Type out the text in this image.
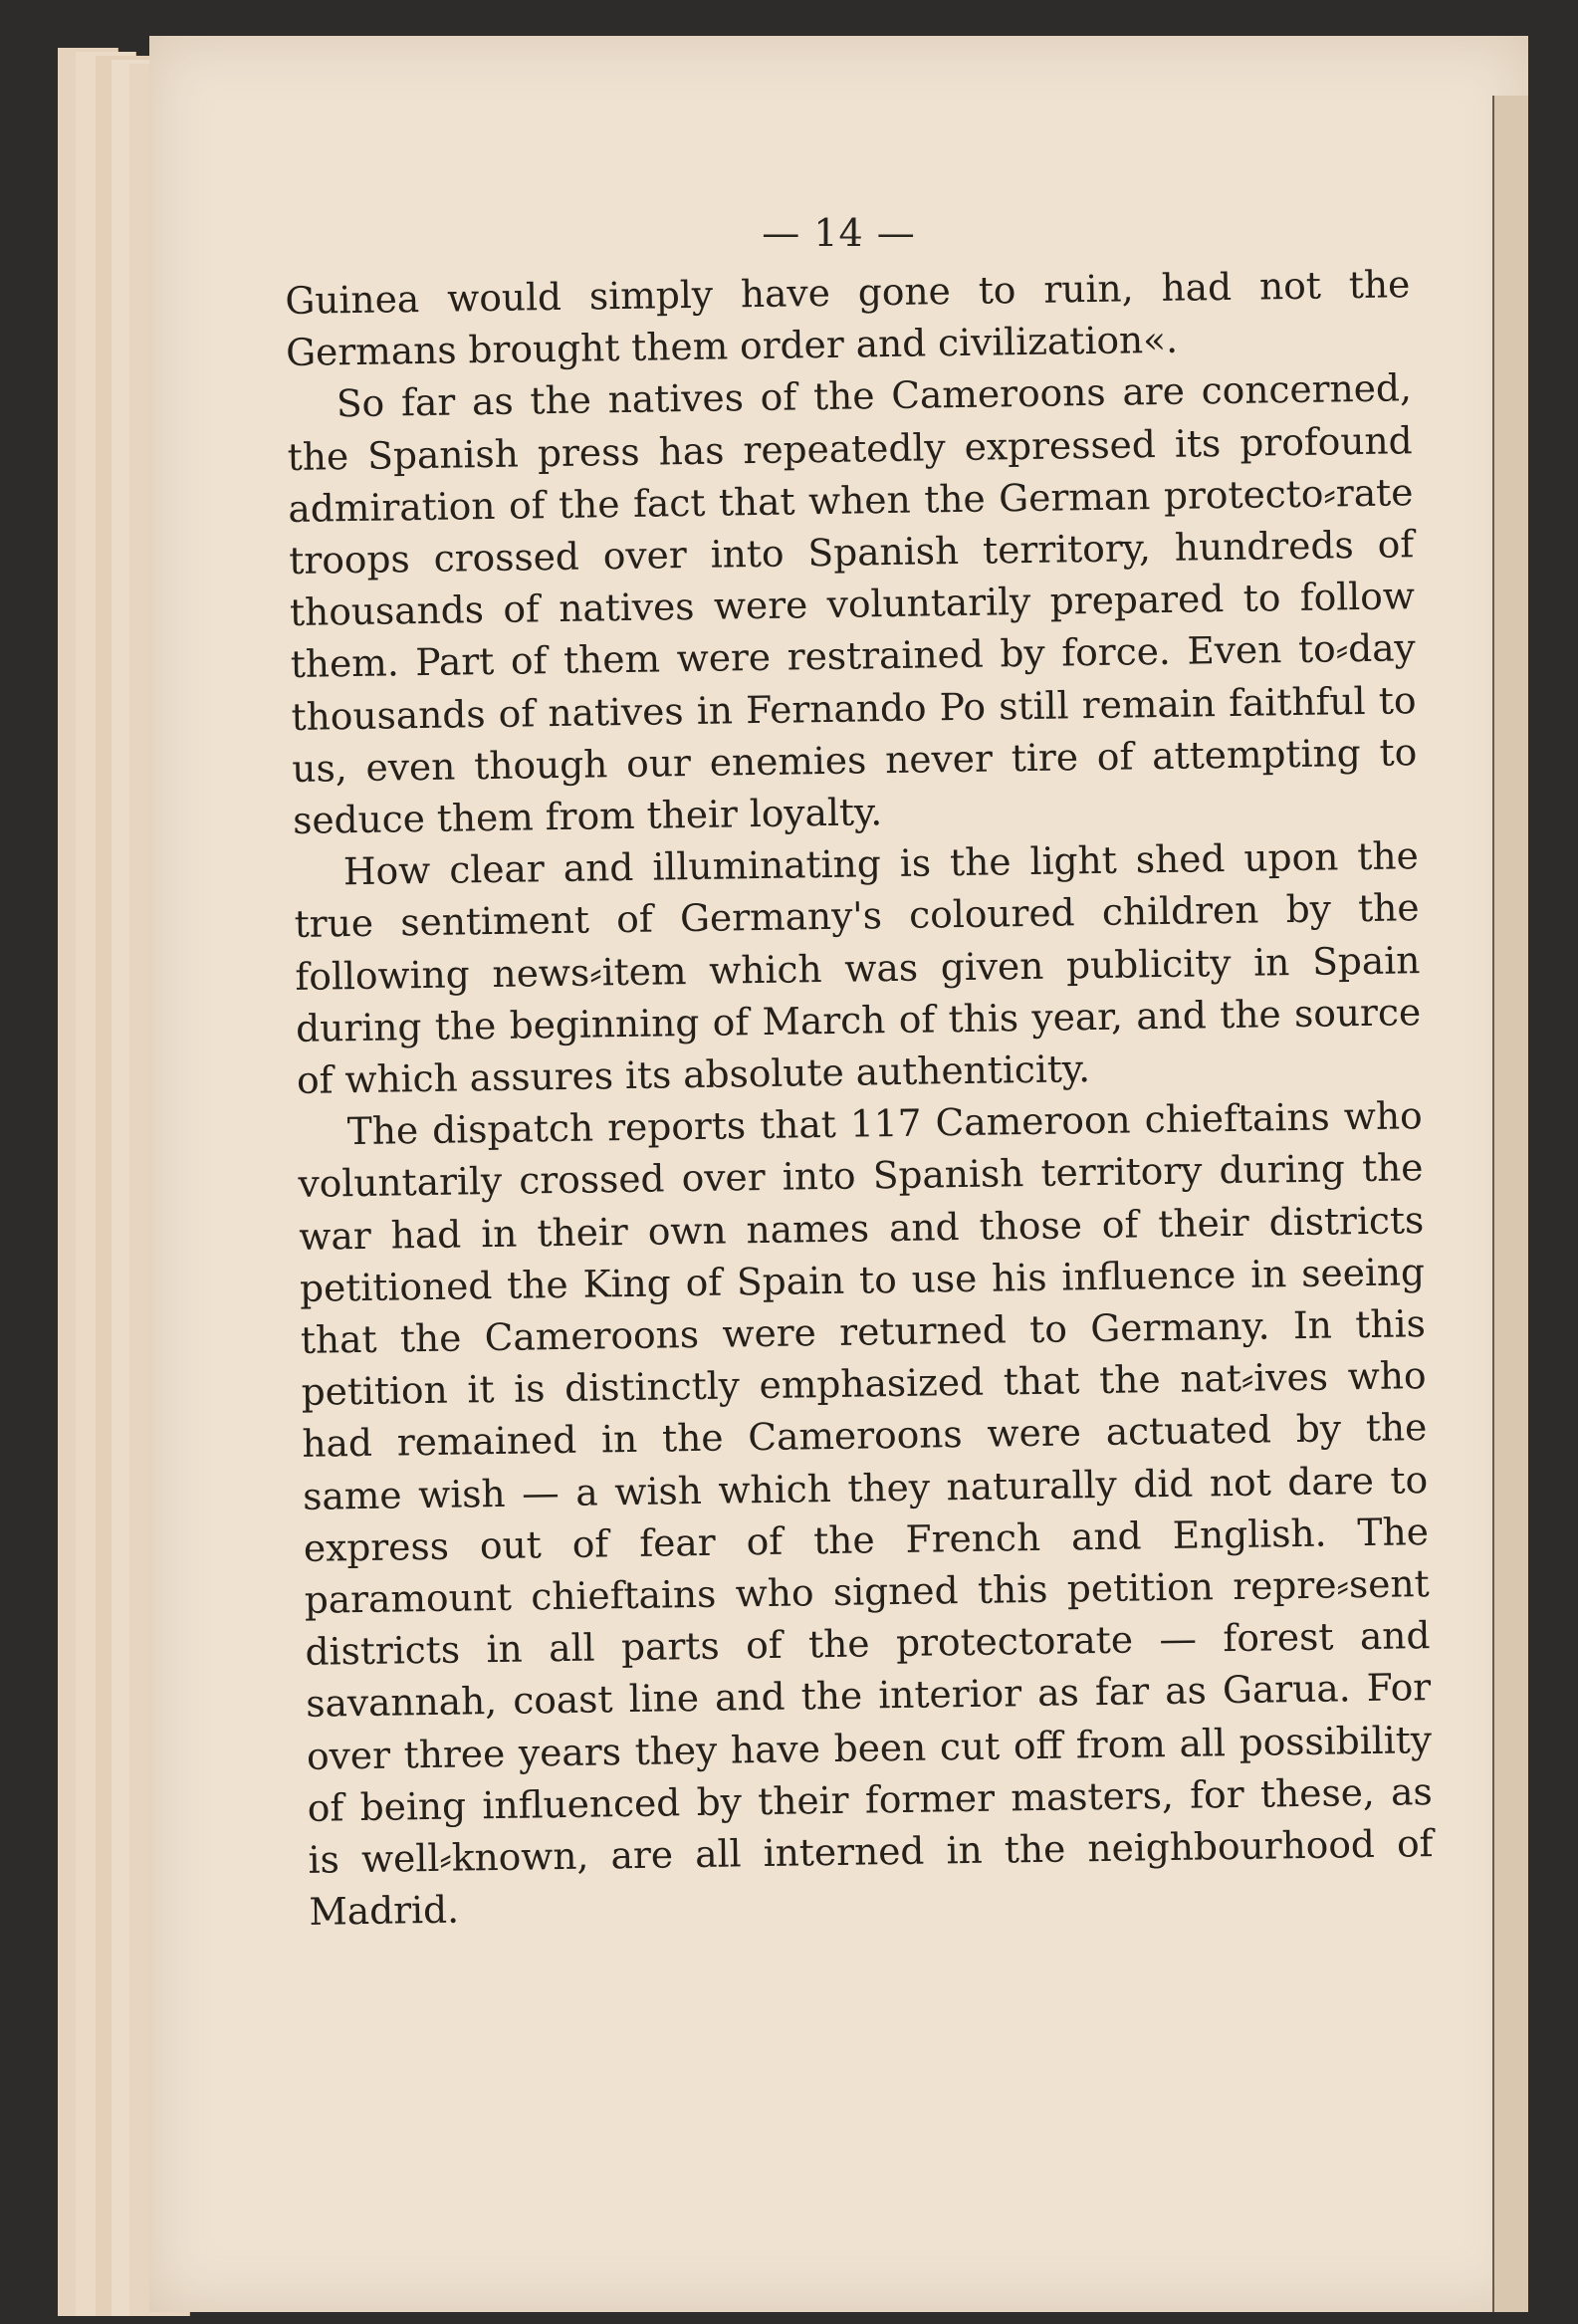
— 14 —

Guinea would simply have gone to ruin, had not the Germans brought them order and civilization«.

So far as the natives of the Cameroons are concerned, the Spanish press has repeatedly expressed its profound admiration of the fact that when the German protecto⸗rate troops crossed over into Spanish territory, hundreds of thousands of natives were voluntarily prepared to follow them. Part of them were restrained by force. Even to⸗day thousands of natives in Fernando Po still remain faithful to us, even though our enemies never tire of attempting to seduce them from their loyalty.

How clear and illuminating is the light shed upon the true sentiment of Germany's coloured children by the following news⸗item which was given publicity in Spain during the beginning of March of this year, and the source of which assures its absolute authenticity.

The dispatch reports that 117 Cameroon chieftains who voluntarily crossed over into Spanish territory during the war had in their own names and those of their districts petitioned the King of Spain to use his influence in seeing that the Cameroons were returned to Germany. In this petition it is distinctly emphasized that the nat⸗ives who had remained in the Cameroons were actuated by the same wish — a wish which they naturally did not dare to express out of fear of the French and English. The paramount chieftains who signed this petition repre⸗sent districts in all parts of the protectorate — forest and savannah, coast line and the interior as far as Garua. For over three years they have been cut off from all possibility of being influenced by their former masters, for these, as is well⸗known, are all interned in the neighbourhood of Madrid.
